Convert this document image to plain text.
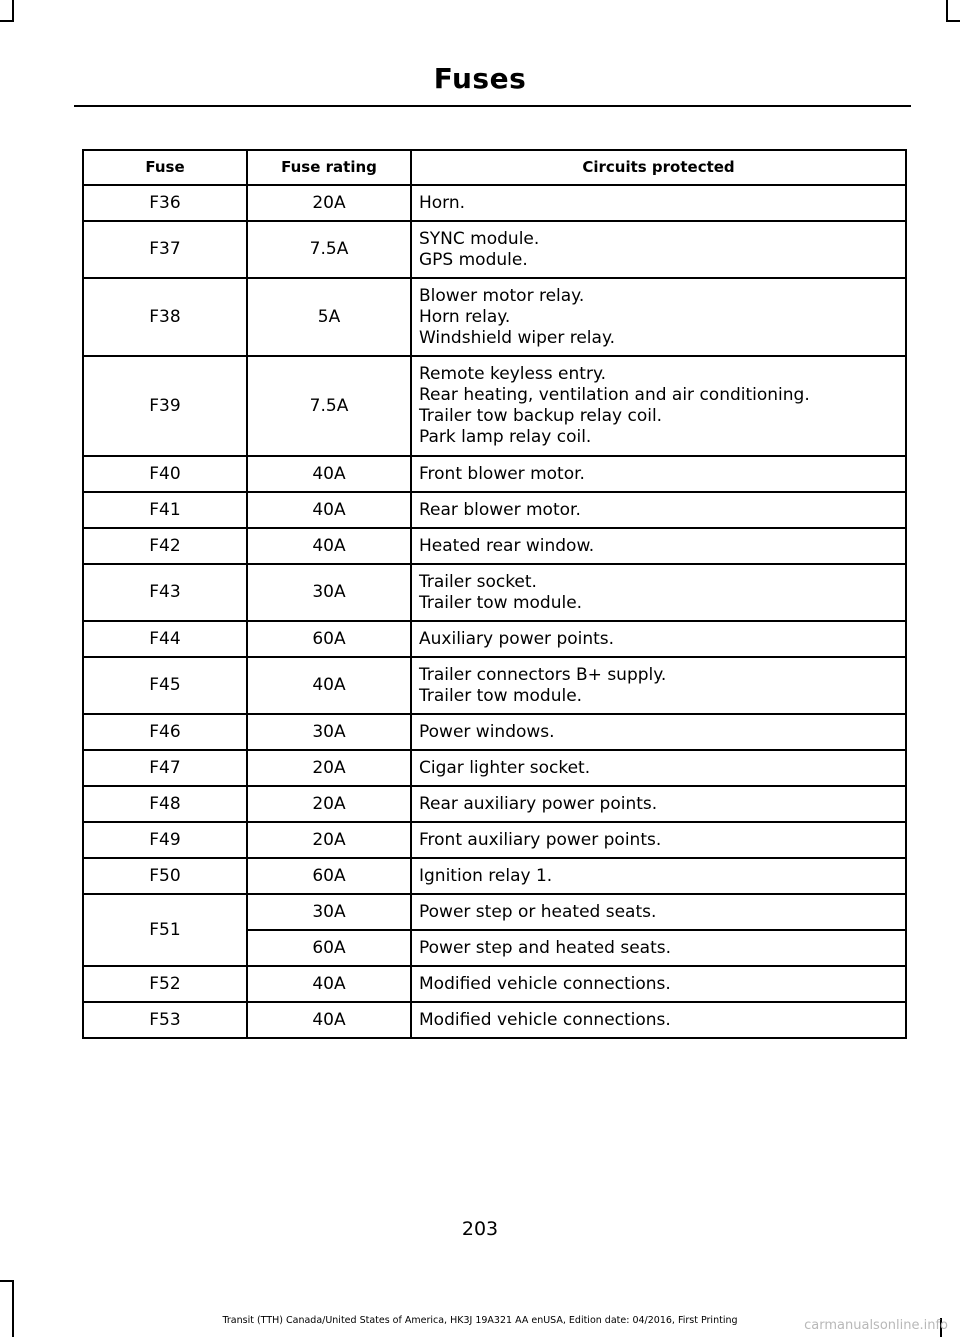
Fuses
Fuse	Fuse rating	Circuits protected
F36	20A	Horn.

F37	7.5A	SYNC module.
GPS module.

F38	5A	Blower motor relay.
Horn relay.
Windshield wiper relay.

F39	7.5A	Remote keyless entry.
Rear heating, ventilation and air conditioning.
Trailer tow backup relay coil.
Park lamp relay coil.

F40	40A	Front blower motor.

F41	40A	Rear blower motor.

F42	40A	Heated rear window.

F43	30A	Trailer socket.
Trailer tow module.

F44	60A	Auxiliary power points.

F45	40A	Trailer connectors B+ supply.
Trailer tow module.

F46	30A	Power windows.

F47	20A	Cigar lighter socket.

F48	20A	Rear auxiliary power points.

F49	20A	Front auxiliary power points.

F50	60A	Ignition relay 1.

F51	30A	Power step or heated seats.

	60A	Power step and heated seats.

F52	40A	Modified vehicle connections.

F53	40A	Modified vehicle connections.
203
Transit (TTH) Canada/United States of America, HK3J 19A321 AA enUSA, Edition date: 04/2016, First Printing	carmanualsonline.info
